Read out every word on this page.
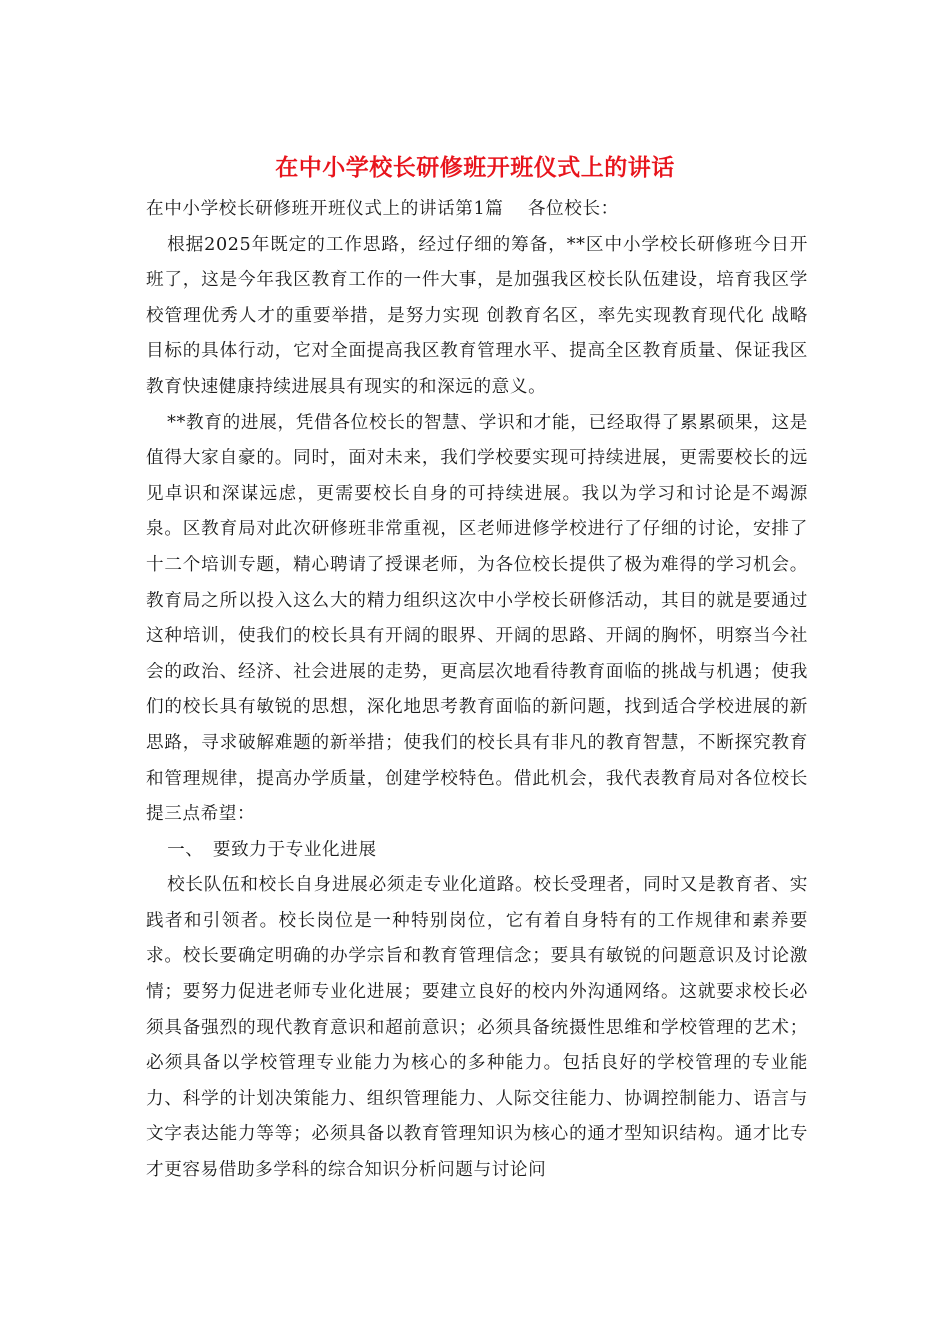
在中小学校长研修班开班仪式上的讲话

在中小学校长研修班开班仪式上的讲话第1篇　 各位校长：

根据2025年既定的工作思路，经过仔细的筹备，**区中小学校长研修班今日开班了，这是今年我区教育工作的一件大事，是加强我区校长队伍建设，培育我区学校管理优秀人才的重要举措，是努力实现 创教育名区，率先实现教育现代化 战略目标的具体行动，它对全面提高我区教育管理水平、提高全区教育质量、保证我区教育快速健康持续进展具有现实的和深远的意义。

**教育的进展，凭借各位校长的智慧、学识和才能，已经取得了累累硕果，这是值得大家自豪的。同时，面对未来，我们学校要实现可持续进展，更需要校长的远见卓识和深谋远虑，更需要校长自身的可持续进展。我以为学习和讨论是不竭源泉。区教育局对此次研修班非常重视，区老师进修学校进行了仔细的讨论，安排了十二个培训专题，精心聘请了授课老师，为各位校长提供了极为难得的学习机会。教育局之所以投入这么大的精力组织这次中小学校长研修活动，其目的就是要通过这种培训，使我们的校长具有开阔的眼界、开阔的思路、开阔的胸怀，明察当今社会的政治、经济、社会进展的走势，更高层次地看待教育面临的挑战与机遇；使我们的校长具有敏锐的思想，深化地思考教育面临的新问题，找到适合学校进展的新思路，寻求破解难题的新举措；使我们的校长具有非凡的教育智慧，不断探究教育和管理规律，提高办学质量，创建学校特色。借此机会，我代表教育局对各位校长提三点希望：

一、　要致力于专业化进展

校长队伍和校长自身进展必须走专业化道路。校长受理者，同时又是教育者、实践者和引领者。校长岗位是一种特别岗位，它有着自身特有的工作规律和素养要求。校长要确定明确的办学宗旨和教育管理信念；要具有敏锐的问题意识及讨论激情；要努力促进老师专业化进展；要建立良好的校内外沟通网络。这就要求校长必须具备强烈的现代教育意识和超前意识；必须具备统摄性思维和学校管理的艺术；必须具备以学校管理专业能力为核心的多种能力。包括良好的学校管理的专业能力、科学的计划决策能力、组织管理能力、人际交往能力、协调控制能力、语言与文字表达能力等等；必须具备以教育管理知识为核心的通才型知识结构。通才比专才更容易借助多学科的综合知识分析问题与讨论问
